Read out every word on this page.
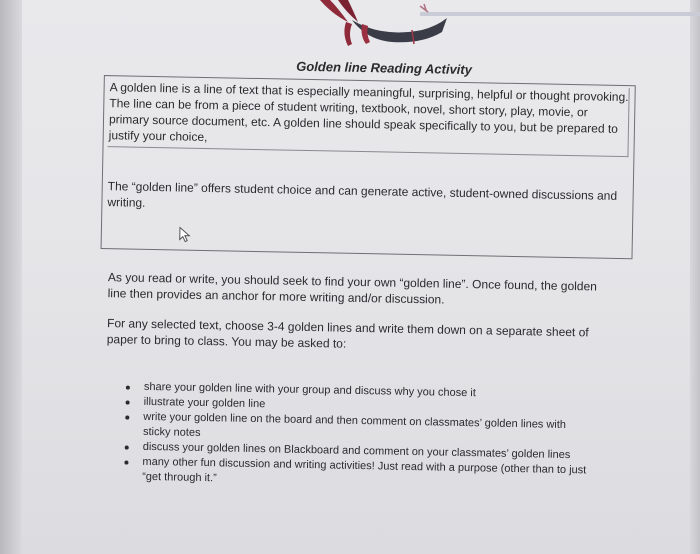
Golden line Reading Activity

A golden line is a line of text that is especially meaningful, surprising, helpful or thought provoking. The line can be from a piece of student writing, textbook, novel, short story, play, movie, or primary source document, etc. A golden line should speak specifically to you, but be prepared to justify your choice,

The “golden line” offers student choice and can generate active, student-owned discussions and writing.

As you read or write, you should seek to find your own “golden line”. Once found, the golden line then provides an anchor for more writing and/or discussion.

For any selected text, choose 3-4 golden lines and write them down on a separate sheet of paper to bring to class. You may be asked to:

share your golden line with your group and discuss why you chose it
illustrate your golden line
write your golden line on the board and then comment on classmates’ golden lines with sticky notes
discuss your golden lines on Blackboard and comment on your classmates’ golden lines
many other fun discussion and writing activities! Just read with a purpose (other than to just “get through it.”
